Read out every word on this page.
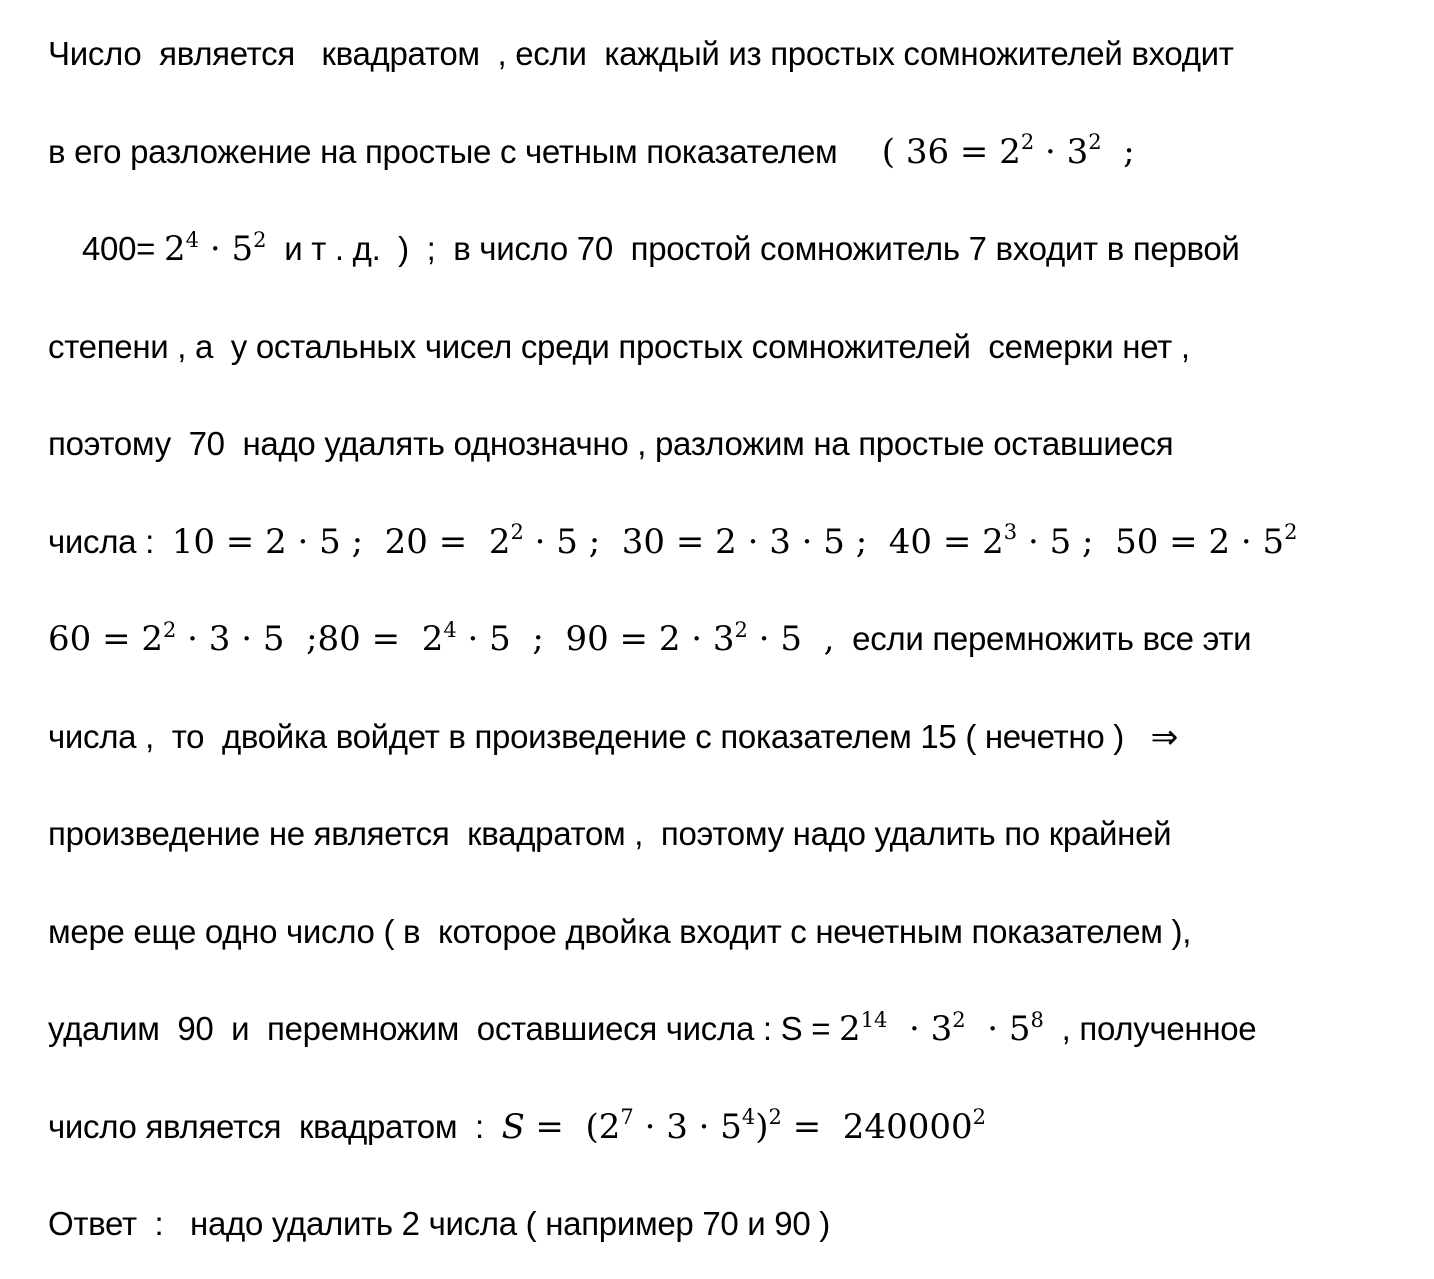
Число  является   квадратом  , если  каждый из простых сомножителей входит
в его разложение на простые с четным показателем     ( 36 = 22 · 32  ;
400= 24 · 52  и т . д.  )  ;  в число 70  простой сомножитель 7 входит в первой
степени , а  у остальных чисел среди простых сомножителей  семерки нет ,
поэтому  70  надо удалять однозначно , разложим на простые оставшиеся
числа :  10 = 2 · 5 ;  20 =  22 · 5 ;  30 = 2 · 3 · 5 ;  40 = 23 · 5 ;  50 = 2 · 52
60 = 22 · 3 · 5  ;80 =  24 · 5  ;  90 = 2 · 32 · 5  ,  если перемножить все эти
числа ,  то  двойка войдет в произведение с показателем 15 ( нечетно )   ⇒
произведение не является  квадратом ,  поэтому надо удалить по крайней
мере еще одно число ( в  которое двойка входит с нечетным показателем ),
удалим  90  и  перемножим  оставшиеся числа : S = 214  · 32  · 58  , полученное
число является  квадратом  :  S =  (27 · 3 · 54)2 =  2400002
Ответ  :   надо удалить 2 числа ( например 70 и 90 )
